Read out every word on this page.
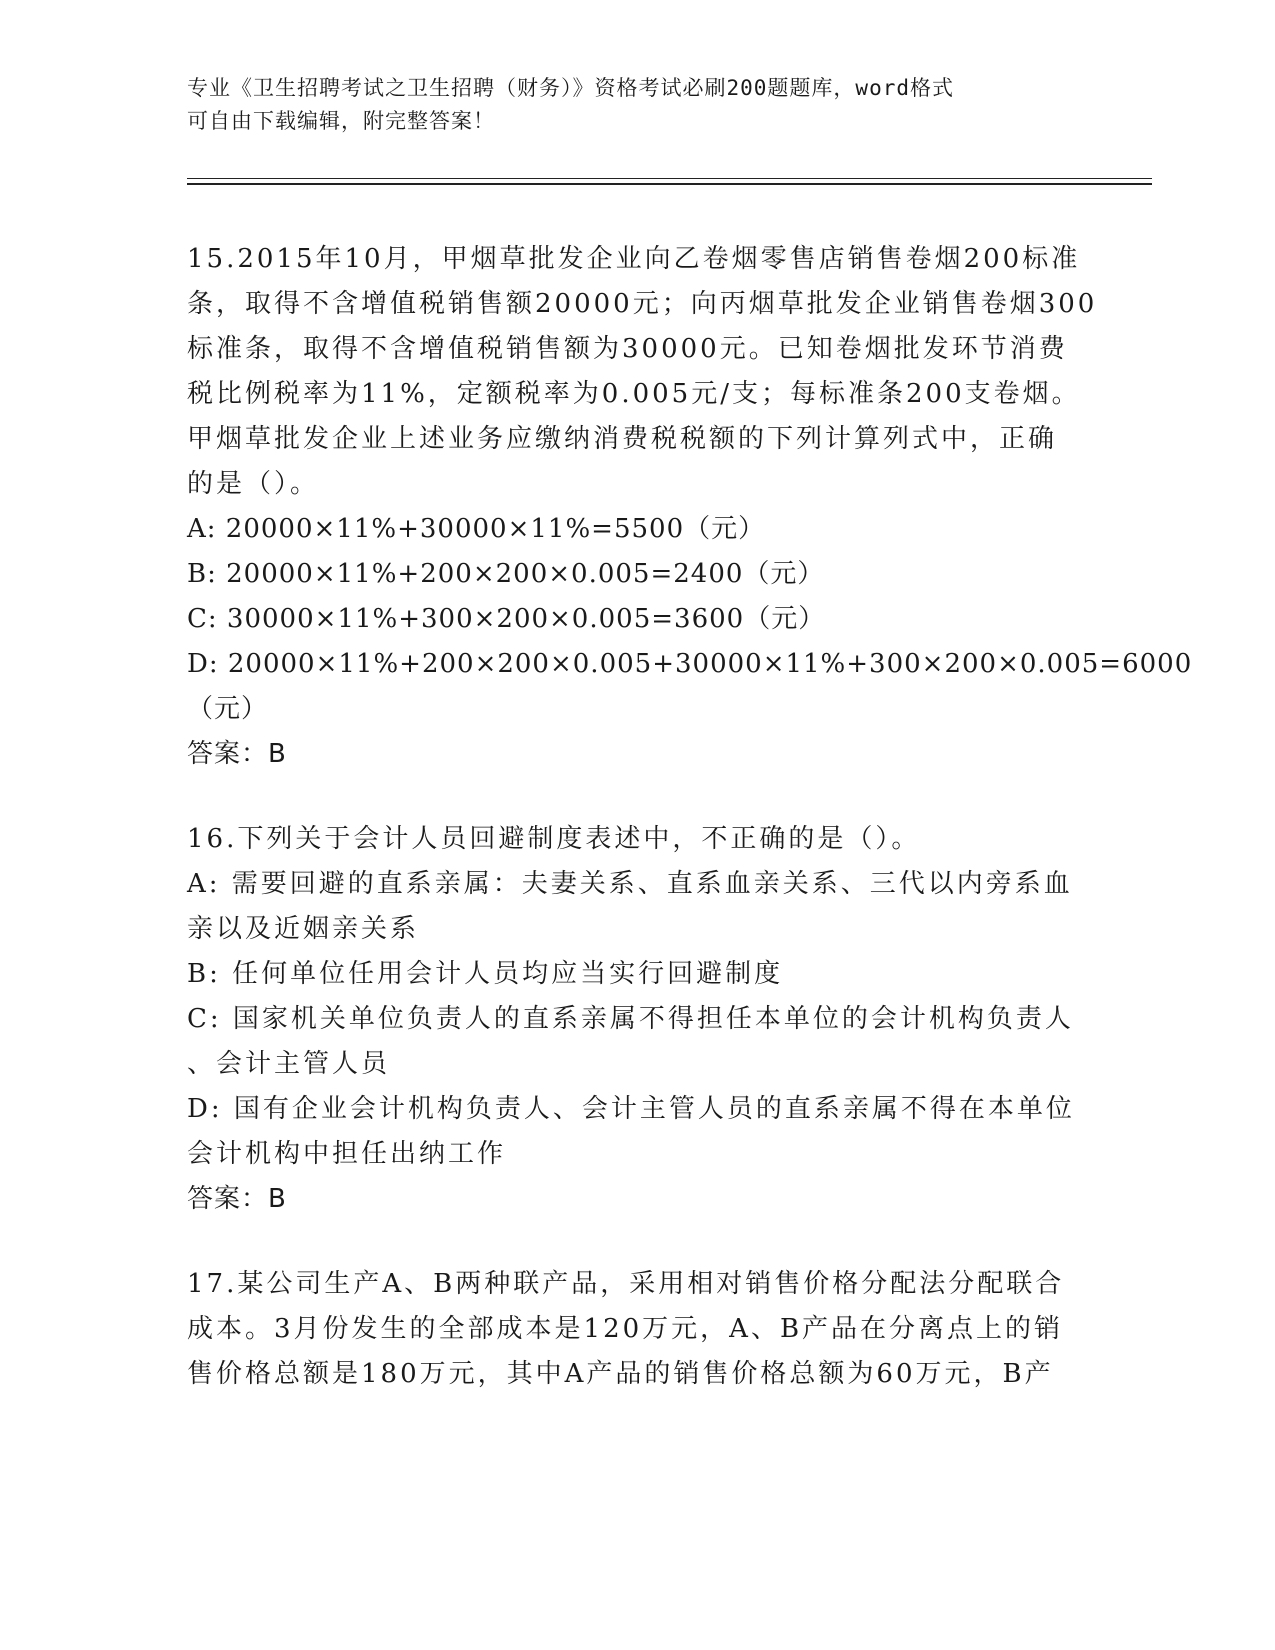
专业《卫生招聘考试之卫生招聘（财务）》资格考试必刷200题题库，word格式
可自由下载编辑，附完整答案！
15.2015年10月，甲烟草批发企业向乙卷烟零售店销售卷烟200标准
条，取得不含增值税销售额20000元；向丙烟草批发企业销售卷烟300
标准条，取得不含增值税销售额为30000元。已知卷烟批发环节消费
税比例税率为11%，定额税率为0.005元/支；每标准条200支卷烟。
甲烟草批发企业上述业务应缴纳消费税税额的下列计算列式中，正确
的是（）。
A: 20000×11%+30000×11%=5500（元）
B: 20000×11%+200×200×0.005=2400（元）
C: 30000×11%+300×200×0.005=3600（元）
D: 20000×11%+200×200×0.005+30000×11%+300×200×0.005=6000
（元）
答案：B
16.下列关于会计人员回避制度表述中，不正确的是（）。
A: 需要回避的直系亲属：夫妻关系、直系血亲关系、三代以内旁系血
亲以及近姻亲关系
B: 任何单位任用会计人员均应当实行回避制度
C: 国家机关单位负责人的直系亲属不得担任本单位的会计机构负责人
、会计主管人员
D: 国有企业会计机构负责人、会计主管人员的直系亲属不得在本单位
会计机构中担任出纳工作
答案：B
17.某公司生产A、B两种联产品，采用相对销售价格分配法分配联合
成本。3月份发生的全部成本是120万元，A、B产品在分离点上的销
售价格总额是180万元，其中A产品的销售价格总额为60万元，B产
